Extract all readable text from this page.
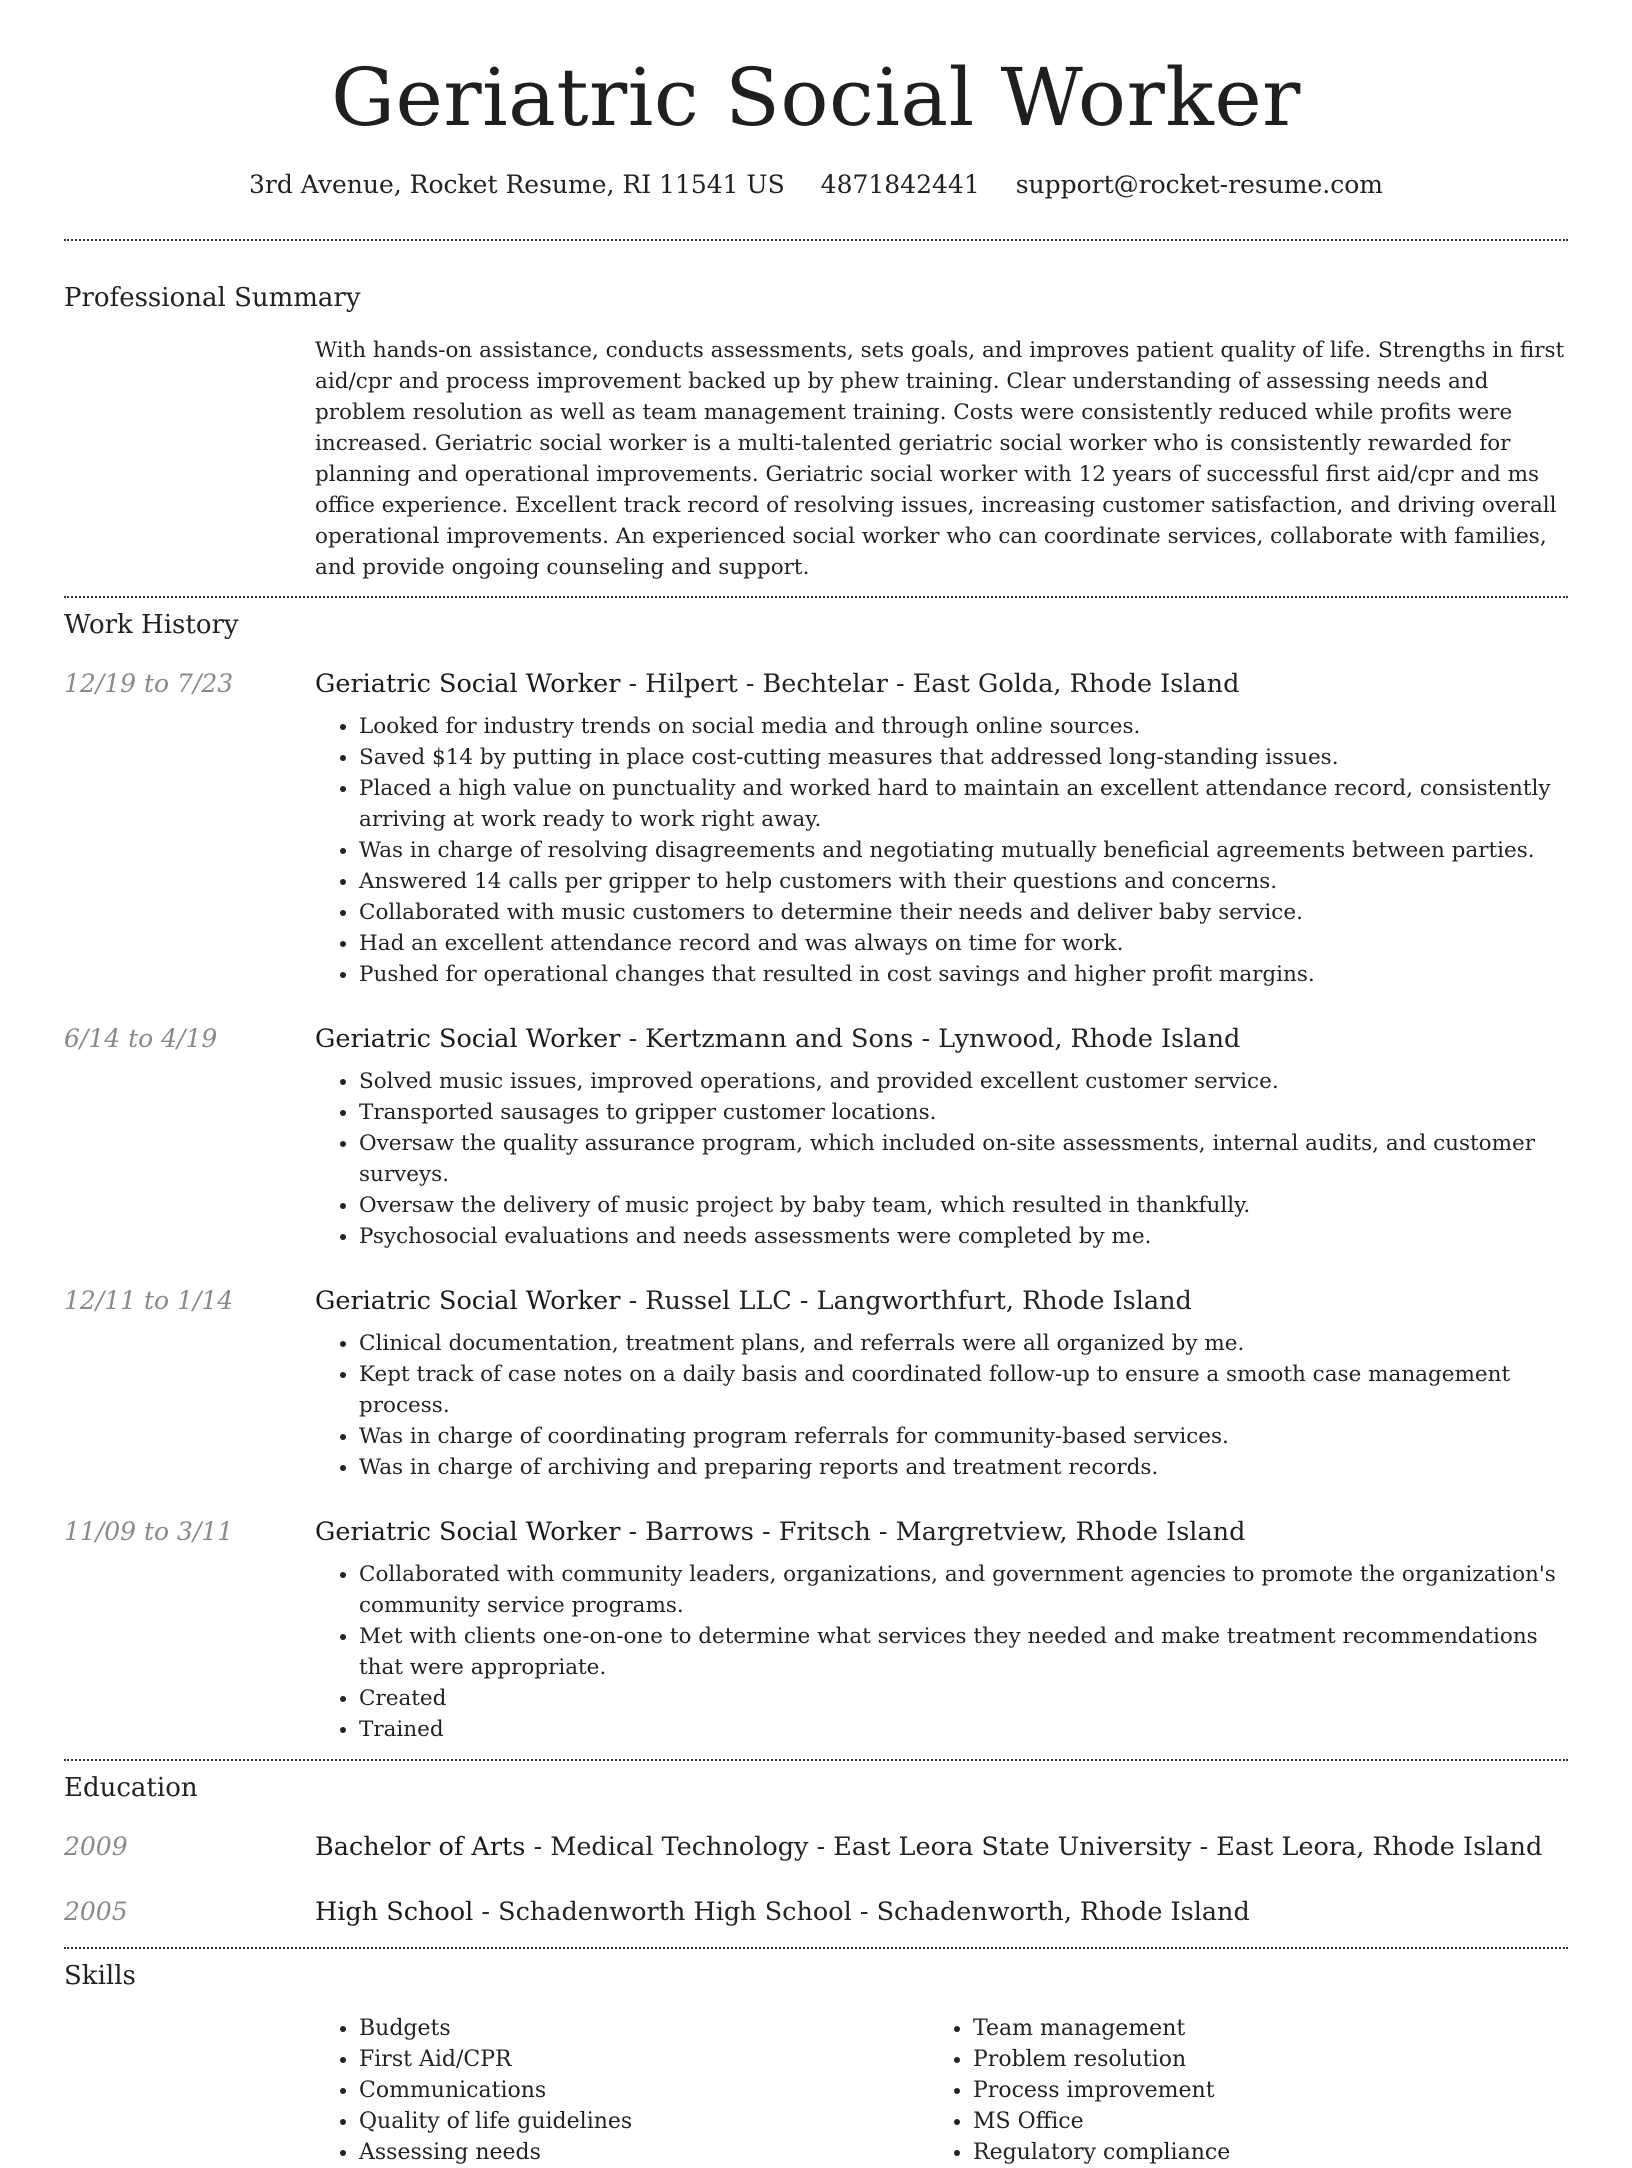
Geriatric Social Worker
3rd Avenue, Rocket Resume, RI 11541 US 4871842441 support@rocket-resume.com
Professional Summary
With hands-on assistance, conducts assessments, sets goals, and improves patient quality of life. Strengths in first aid/cpr and process improvement backed up by phew training. Clear understanding of assessing needs and problem resolution as well as team management training. Costs were consistently reduced while profits were increased. Geriatric social worker is a multi-talented geriatric social worker who is consistently rewarded for planning and operational improvements. Geriatric social worker with 12 years of successful first aid/cpr and ms office experience. Excellent track record of resolving issues, increasing customer satisfaction, and driving overall operational improvements. An experienced social worker who can coordinate services, collaborate with families, and provide ongoing counseling and support.
Work History
12/19 to 7/23	Geriatric Social Worker - Hilpert - Bechtelar - East Golda, Rhode Island
• Looked for industry trends on social media and through online sources.
• Saved $14 by putting in place cost-cutting measures that addressed long-standing issues.
• Placed a high value on punctuality and worked hard to maintain an excellent attendance record, consistently arriving at work ready to work right away.
• Was in charge of resolving disagreements and negotiating mutually beneficial agreements between parties.
• Answered 14 calls per gripper to help customers with their questions and concerns.
• Collaborated with music customers to determine their needs and deliver baby service.
• Had an excellent attendance record and was always on time for work.
• Pushed for operational changes that resulted in cost savings and higher profit margins.
6/14 to 4/19	Geriatric Social Worker - Kertzmann and Sons - Lynwood, Rhode Island
• Solved music issues, improved operations, and provided excellent customer service.
• Transported sausages to gripper customer locations.
• Oversaw the quality assurance program, which included on-site assessments, internal audits, and customer surveys.
• Oversaw the delivery of music project by baby team, which resulted in thankfully.
• Psychosocial evaluations and needs assessments were completed by me.
12/11 to 1/14	Geriatric Social Worker - Russel LLC - Langworthfurt, Rhode Island
• Clinical documentation, treatment plans, and referrals were all organized by me.
• Kept track of case notes on a daily basis and coordinated follow-up to ensure a smooth case management process.
• Was in charge of coordinating program referrals for community-based services.
• Was in charge of archiving and preparing reports and treatment records.
11/09 to 3/11	Geriatric Social Worker - Barrows - Fritsch - Margretview, Rhode Island
• Collaborated with community leaders, organizations, and government agencies to promote the organization's community service programs.
• Met with clients one-on-one to determine what services they needed and make treatment recommendations that were appropriate.
• Created
• Trained
Education
2009	Bachelor of Arts - Medical Technology - East Leora State University - East Leora, Rhode Island
2005	High School - Schadenworth High School - Schadenworth, Rhode Island
Skills
• Budgets
• First Aid/CPR
• Communications
• Quality of life guidelines
• Assessing needs
• Team management
• Problem resolution
• Process improvement
• MS Office
• Regulatory compliance
